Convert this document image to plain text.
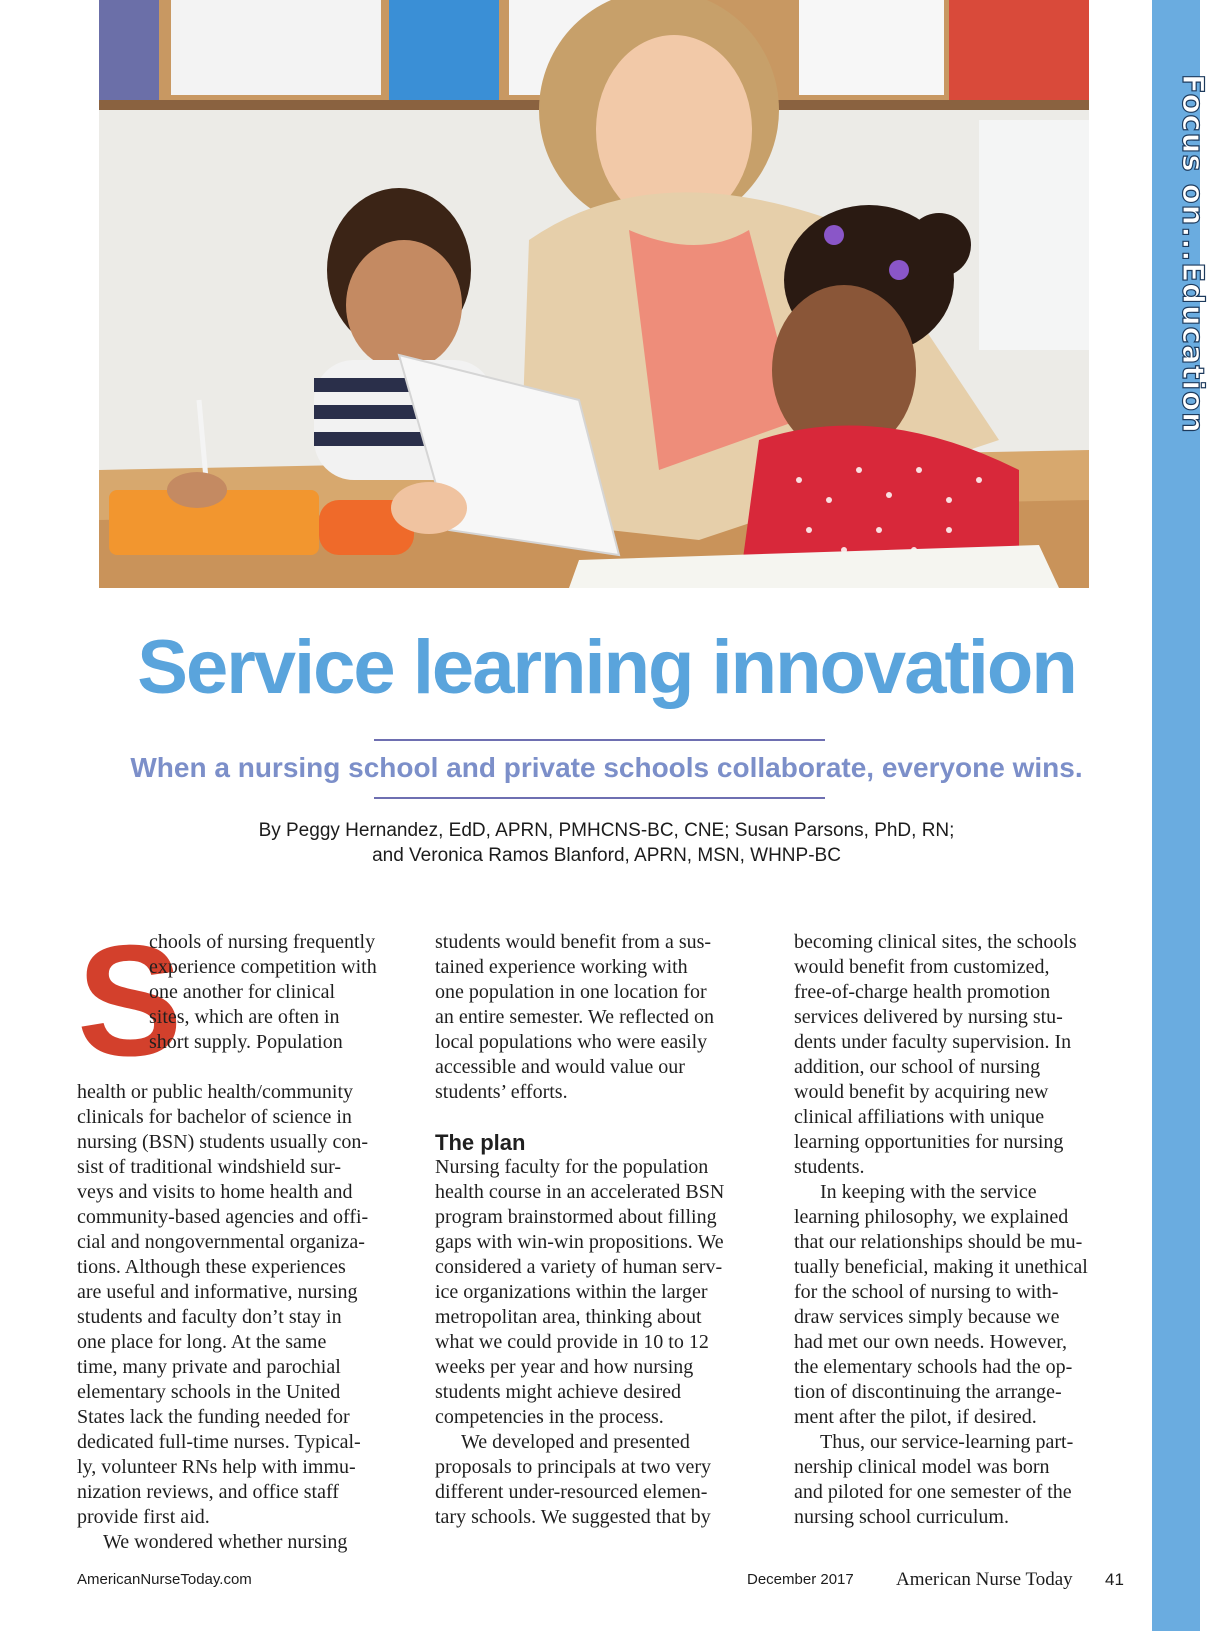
Focus on...Education
Service learning innovation
When a nursing school and private schools collaborate, everyone wins.
By Peggy Hernandez, EdD, APRN, PMHCNS-BC, CNE; Susan Parsons, PhD, RN;
and Veronica Ramos Blanford, APRN, MSN, WHNP-BC
S
chools of nursing frequently
experience competition with
one another for clinical
sites, which are often in
short supply. Population
health or public health/community
clinicals for bachelor of science in
nursing (BSN) students usually con-
sist of traditional windshield sur-
veys and visits to home health and
community-based agencies and offi-
cial and nongovernmental organiza-
tions. Although these experiences
are useful and informative, nursing
students and faculty don’t stay in
one place for long. At the same
time, many private and parochial
elementary schools in the United
States lack the funding needed for
dedicated full-time nurses. Typical-
ly, volunteer RNs help with immu-
nization reviews, and office staff
provide first aid.
We wondered whether nursing
students would benefit from a sus-
tained experience working with
one population in one location for
an entire semester. We reflected on
local populations who were easily
accessible and would value our
students’ efforts.
The plan
Nursing faculty for the population
health course in an accelerated BSN
program brainstormed about filling
gaps with win-win propositions. We
considered a variety of human serv-
ice organizations within the larger
metropolitan area, thinking about
what we could provide in 10 to 12
weeks per year and how nursing
students might achieve desired
competencies in the process.
We developed and presented
proposals to principals at two very
different under-resourced elemen-
tary schools. We suggested that by
becoming clinical sites, the schools
would benefit from customized,
free-of-charge health promotion
services delivered by nursing stu-
dents under faculty supervision. In
addition, our school of nursing
would benefit by acquiring new
clinical affiliations with unique
learning opportunities for nursing
students.
In keeping with the service
learning philosophy, we explained
that our relationships should be mu-
tually beneficial, making it unethical
for the school of nursing to with-
draw services simply because we
had met our own needs. However,
the elementary schools had the op-
tion of discontinuing the arrange-
ment after the pilot, if desired.
Thus, our service-learning part-
nership clinical model was born
and piloted for one semester of the
nursing school curriculum.
AmericanNurseToday.com	December 2017 American Nurse Today 41
